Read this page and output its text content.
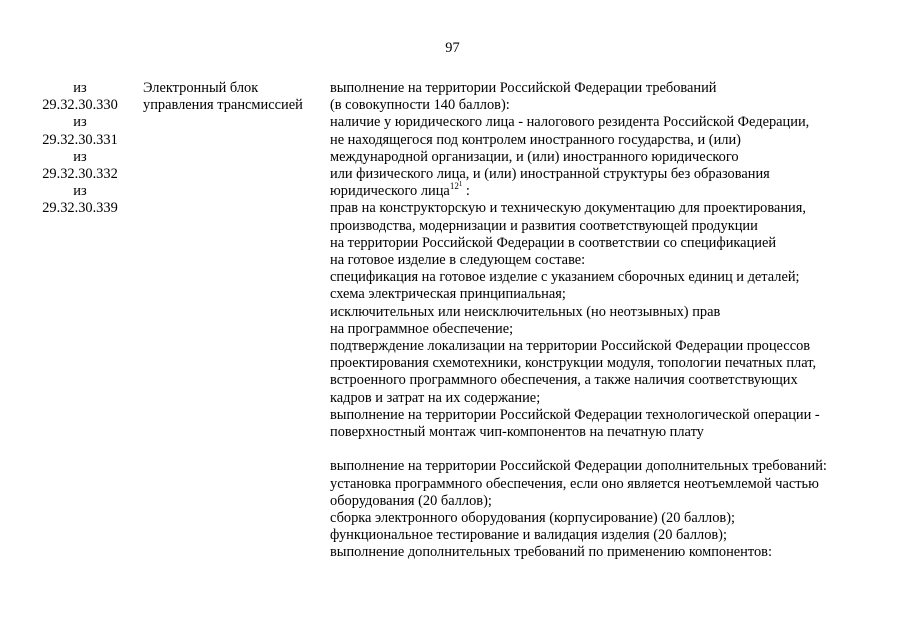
97
из
29.32.30.330
из
29.32.30.331
из
29.32.30.332
из
29.32.30.339
Электронный блок
управления трансмиссией
выполнение на территории Российской Федерации требований
(в совокупности 140 баллов):
наличие у юридического лица - налогового резидента Российской Федерации,
не находящегося под контролем иностранного государства, и (или)
международной организации, и (или) иностранного юридического
или физического лица, и (или) иностранной структуры без образования
юридического лица$^{12^1}$ :
прав на конструкторскую и техническую документацию для проектирования,
производства, модернизации и развития соответствующей продукции
на территории Российской Федерации в соответствии со спецификацией
на готовое изделие в следующем составе:
спецификация на готовое изделие с указанием сборочных единиц и деталей;
схема электрическая принципиальная;
исключительных или неисключительных (но неотзывных) прав
на программное обеспечение;
подтверждение локализации на территории Российской Федерации процессов
проектирования схемотехники, конструкции модуля, топологии печатных плат,
встроенного программного обеспечения, а также наличия соответствующих
кадров и затрат на их содержание;
выполнение на территории Российской Федерации технологической операции -
поверхностный монтаж чип-компонентов на печатную плату
выполнение на территории Российской Федерации дополнительных требований:
установка программного обеспечения, если оно является неотъемлемой частью
оборудования (20 баллов);
сборка электронного оборудования (корпусирование) (20 баллов);
функциональное тестирование и валидация изделия (20 баллов);
выполнение дополнительных требований по применению компонентов:
